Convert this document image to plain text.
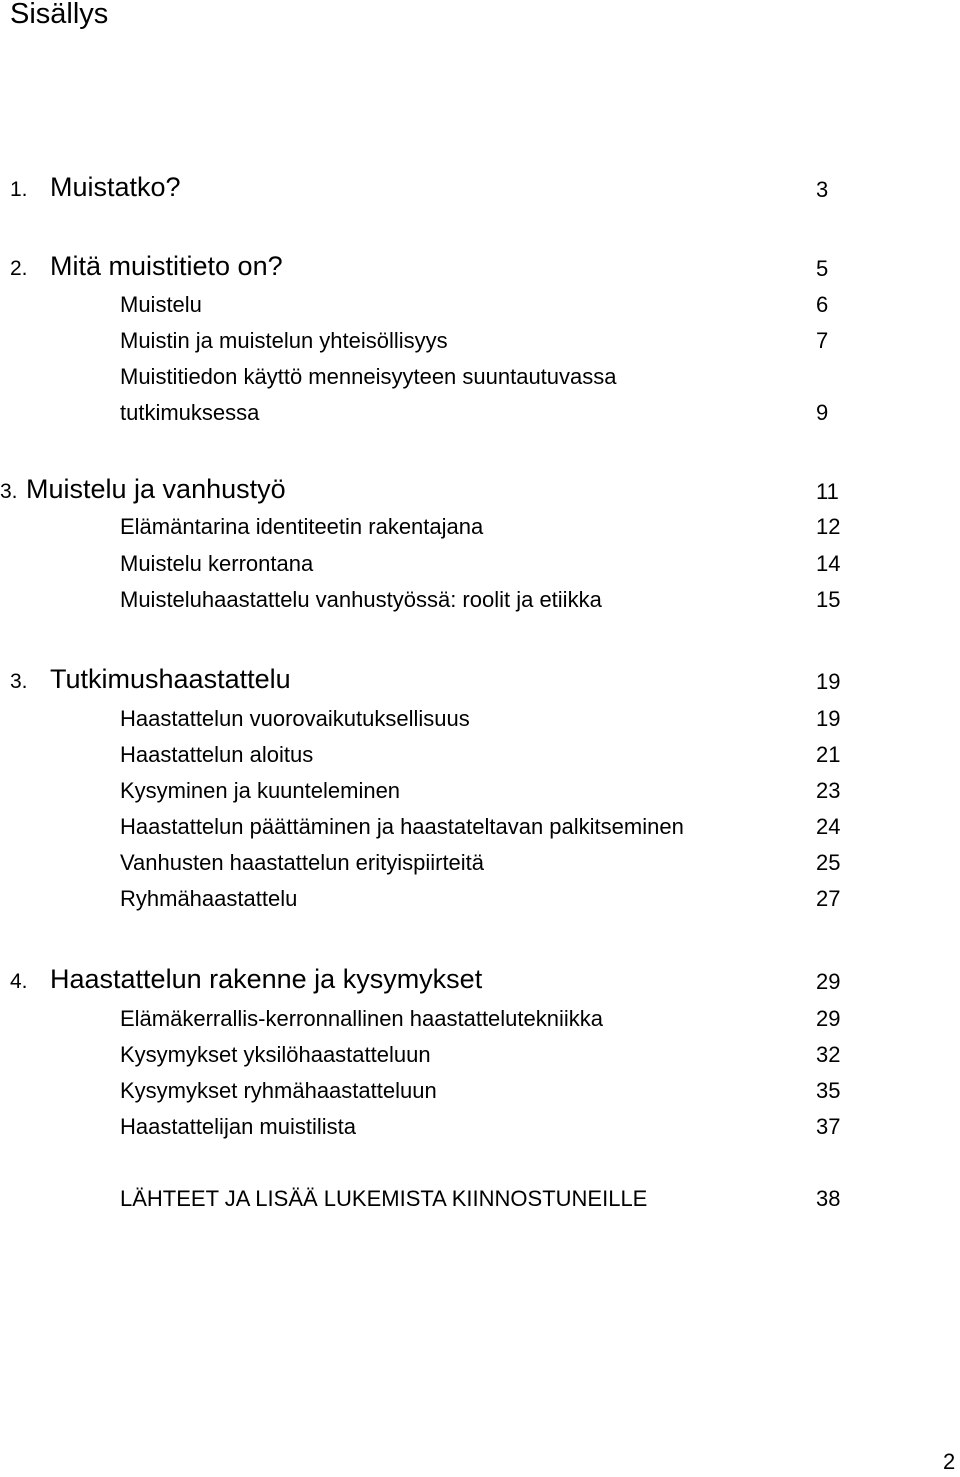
Sisällys
1. Muistatko?	3
2. Mitä muistitieto on?	5
Muistelu	6
Muistin ja muistelun yhteisöllisyys	7
Muistitiedon käyttö menneisyyteen suuntautuvassa
tutkimuksessa	9
3. Muistelu ja vanhustyö	11
Elämäntarina identiteetin rakentajana	12
Muistelu kerrontana	14
Muisteluhaastattelu vanhustyössä: roolit ja etiikka	15
3. Tutkimushaastattelu	19
Haastattelun vuorovaikutuksellisuus	19
Haastattelun aloitus	21
Kysyminen ja kuunteleminen	23
Haastattelun päättäminen ja haastateltavan palkitseminen	24
Vanhusten haastattelun erityispiirteitä	25
Ryhmähaastattelu	27
4. Haastattelun rakenne ja kysymykset	29
Elämäkerrallis-kerronnallinen haastattelutekniikka	29
Kysymykset yksilöhaastatteluun	32
Kysymykset ryhmähaastatteluun	35
Haastattelijan muistilista	37
LÄHTEET JA LISÄÄ LUKEMISTA KIINNOSTUNEILLE	38
2
